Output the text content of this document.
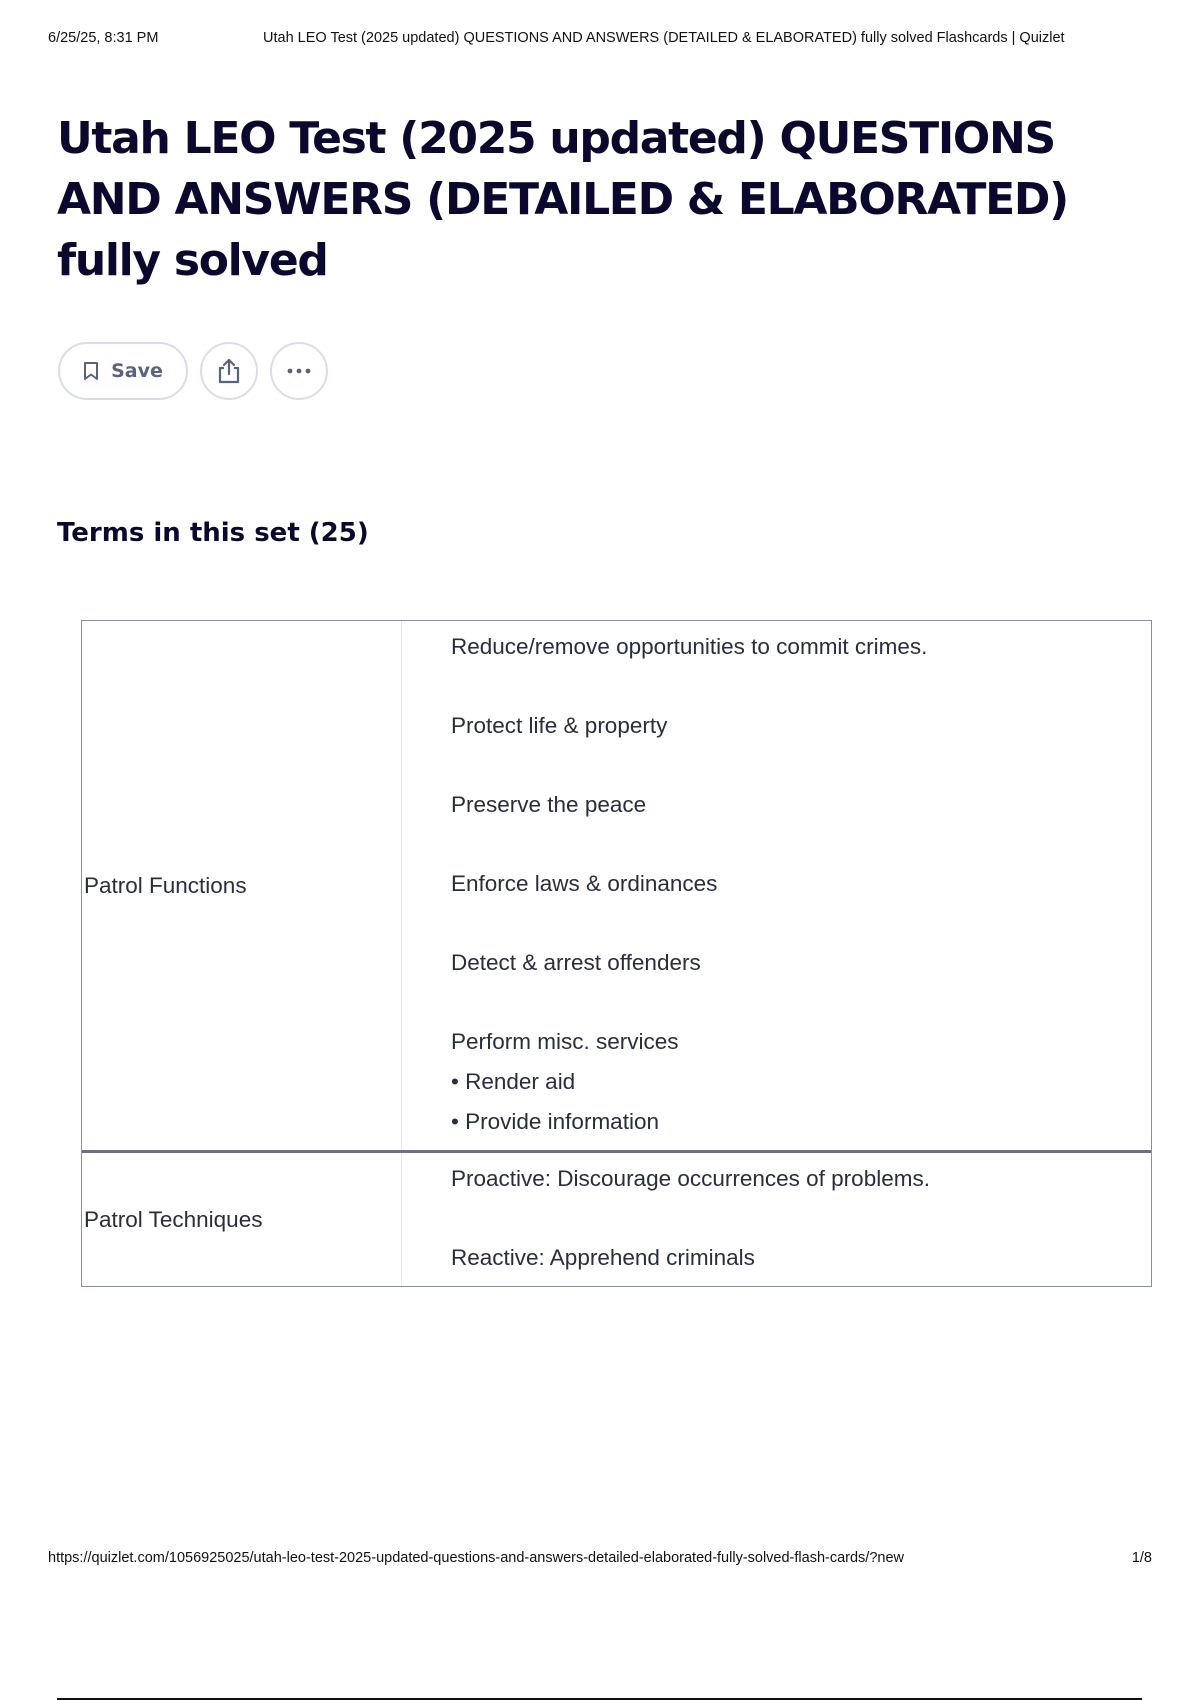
6/25/25, 8:31 PM	Utah LEO Test (2025 updated) QUESTIONS AND ANSWERS (DETAILED & ELABORATED) fully solved Flashcards | Quizlet
Utah LEO Test (2025 updated) QUESTIONS AND ANSWERS (DETAILED & ELABORATED) fully solved
Save
Terms in this set (25)
Patrol Functions

Reduce/remove opportunities to commit crimes.

Protect life & property

Preserve the peace

Enforce laws & ordinances

Detect & arrest offenders

Perform misc. services

• Render aid

• Provide information

Patrol Techniques

Proactive: Discourage occurrences of problems.

Reactive: Apprehend criminals

https://quizlet.com/1056925025/utah-leo-test-2025-updated-questions-and-answers-detailed-elaborated-fully-solved-flash-cards/?new	1/8
